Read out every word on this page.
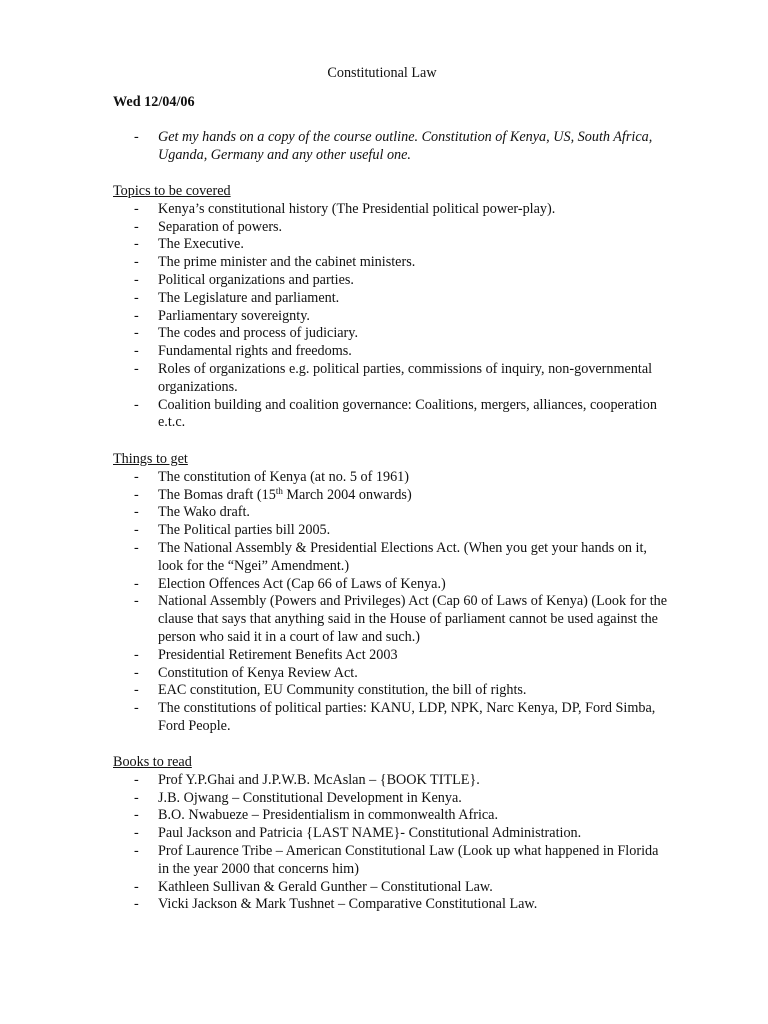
Constitutional Law
Wed 12/04/06
- Get my hands on a copy of the course outline. Constitution of Kenya, US, South Africa, Uganda, Germany and any other useful one.
Topics to be covered
- Kenya’s constitutional history (The Presidential political power-play).
- Separation of powers.
- The Executive.
- The prime minister and the cabinet ministers.
- Political organizations and parties.
- The Legislature and parliament.
- Parliamentary sovereignty.
- The codes and process of judiciary.
- Fundamental rights and freedoms.
- Roles of organizations e.g. political parties, commissions of inquiry, non-governmental organizations.
- Coalition building and coalition governance: Coalitions, mergers, alliances, cooperation e.t.c.
Things to get
- The constitution of Kenya (at no. 5 of 1961)
- The Bomas draft (15th March 2004 onwards)
- The Wako draft.
- The Political parties bill 2005.
- The National Assembly & Presidential Elections Act. (When you get your hands on it, look for the “Ngei” Amendment.)
- Election Offences Act (Cap 66 of Laws of Kenya.)
- National Assembly (Powers and Privileges) Act (Cap 60 of Laws of Kenya) (Look for the clause that says that anything said in the House of parliament cannot be used against the person who said it in a court of law and such.)
- Presidential Retirement Benefits Act 2003
- Constitution of Kenya Review Act.
- EAC constitution, EU Community constitution, the bill of rights.
- The constitutions of political parties: KANU, LDP, NPK, Narc Kenya, DP, Ford Simba, Ford People.
Books to read
- Prof Y.P.Ghai and J.P.W.B. McAslan – {BOOK TITLE}.
- J.B. Ojwang – Constitutional Development in Kenya.
- B.O. Nwabueze – Presidentialism in commonwealth Africa.
- Paul Jackson and Patricia {LAST NAME}- Constitutional Administration.
- Prof Laurence Tribe – American Constitutional Law (Look up what happened in Florida in the year 2000 that concerns him)
- Kathleen Sullivan & Gerald Gunther – Constitutional Law.
- Vicki Jackson & Mark Tushnet – Comparative Constitutional Law.
